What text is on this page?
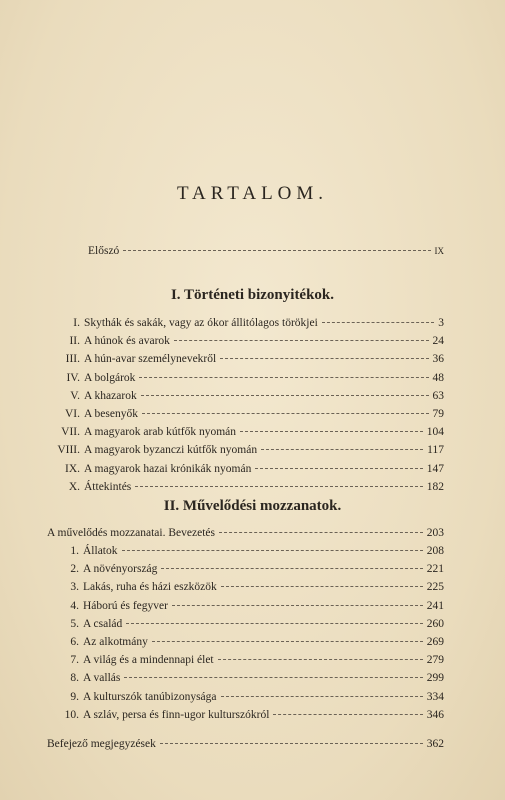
TARTALOM.
Előszó	IX
I. Történeti bizonyitékok.
I. Skythák és sakák, vagy az ókor állitólagos törökjei	3
II. A húnok és avarok	24
III. A hún-avar személynevekről	36
IV. A bolgárok	48
V. A khazarok	63
VI. A besenyők	79
VII. A magyarok arab kútfők nyomán	104
VIII. A magyarok byzanczi kútfők nyomán	117
IX. A magyarok hazai krónikák nyomán	147
X. Áttekintés	182
II. Művelődési mozzanatok.
A művelődés mozzanatai. Bevezetés	203
1. Állatok	208
2. A növényország	221
3. Lakás, ruha és házi eszközök	225
4. Háború és fegyver	241
5. A család	260
6. Az alkotmány	269
7. A világ és a mindennapi élet	279
8. A vallás	299
9. A kulturszók tanúbizonysága	334
10. A szláv, persa és finn-ugor kulturszókról	346
Befejező megjegyzések	362
